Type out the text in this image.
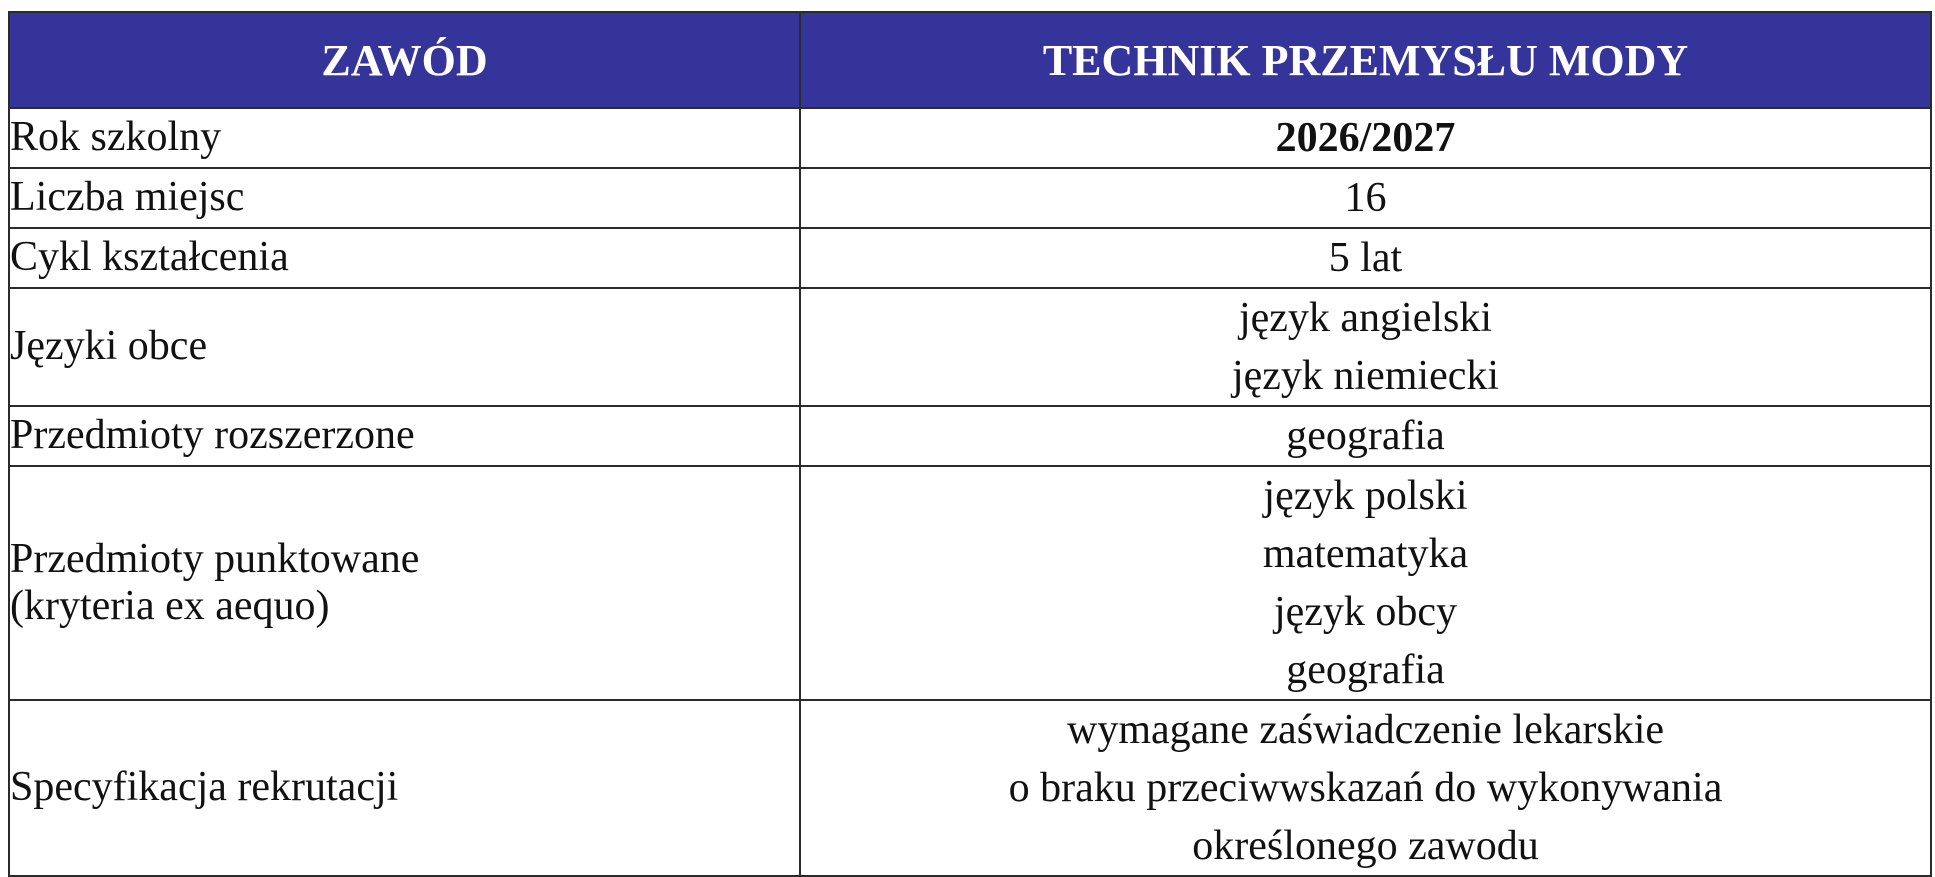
ZAWÓD	TECHNIK PRZEMYSŁU MODY

Rok szkolny	2026/2027

Liczba miejsc	16

Cykl kształcenia	5 lat

Języki obce	język angielski
język niemiecki

Przedmioty rozszerzone	geografia

Przedmioty punktowane
(kryteria ex aequo)	język polski
matematyka
język obcy
geografia

Specyfikacja rekrutacji	wymagane zaświadczenie lekarskie
o braku przeciwwskazań do wykonywania
określonego zawodu
